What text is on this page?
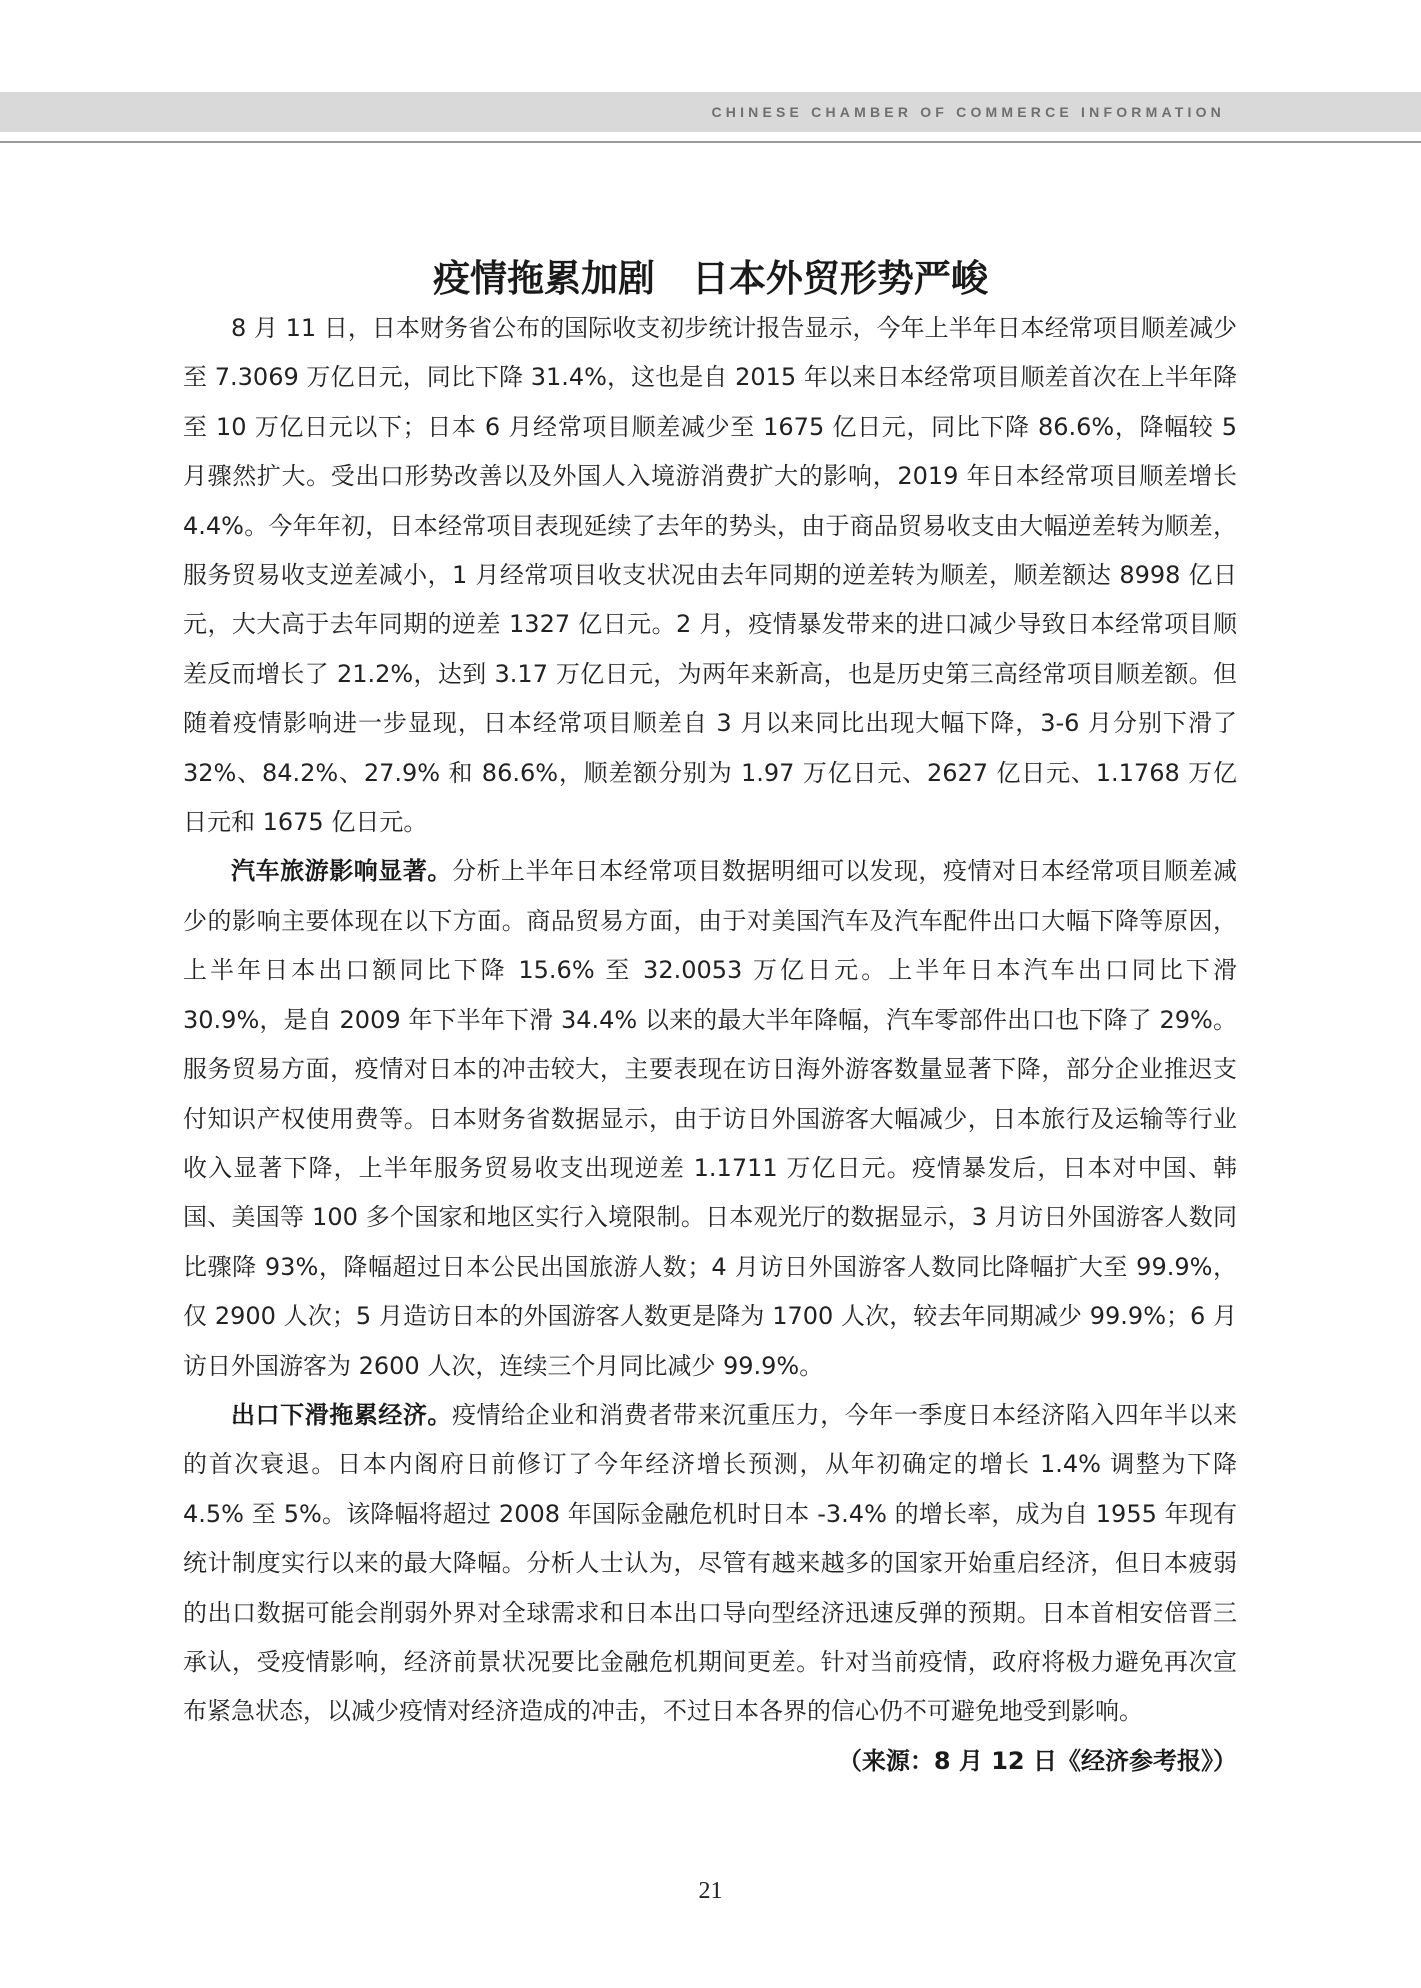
CHINESE CHAMBER OF COMMERCE INFORMATION
疫情拖累加剧 日本外贸形势严峻

8 月 11 日，日本财务省公布的国际收支初步统计报告显示，今年上半年日本经常项目顺差减少至 7.3069 万亿日元，同比下降 31.4%，这也是自 2015 年以来日本经常项目顺差首次在上半年降至 10 万亿日元以下；日本 6 月经常项目顺差减少至 1675 亿日元，同比下降 86.6%，降幅较 5 月骤然扩大。受出口形势改善以及外国人入境游消费扩大的影响，2019 年日本经常项目顺差增长 4.4%。今年年初，日本经常项目表现延续了去年的势头，由于商品贸易收支由大幅逆差转为顺差，服务贸易收支逆差减小，1 月经常项目收支状况由去年同期的逆差转为顺差，顺差额达 8998 亿日元，大大高于去年同期的逆差 1327 亿日元。2 月，疫情暴发带来的进口减少导致日本经常项目顺差反而增长了 21.2%，达到 3.17 万亿日元，为两年来新高，也是历史第三高经常项目顺差额。但随着疫情影响进一步显现，日本经常项目顺差自 3 月以来同比出现大幅下降，3-6 月分别下滑了 32%、84.2%、27.9% 和 86.6%，顺差额分别为 1.97 万亿日元、2627 亿日元、1.1768 万亿日元和 1675 亿日元。

汽车旅游影响显著。分析上半年日本经常项目数据明细可以发现，疫情对日本经常项目顺差减少的影响主要体现在以下方面。商品贸易方面，由于对美国汽车及汽车配件出口大幅下降等原因，上半年日本出口额同比下降 15.6% 至 32.0053 万亿日元。上半年日本汽车出口同比下滑 30.9%，是自 2009 年下半年下滑 34.4% 以来的最大半年降幅，汽车零部件出口也下降了 29%。服务贸易方面，疫情对日本的冲击较大，主要表现在访日海外游客数量显著下降，部分企业推迟支付知识产权使用费等。日本财务省数据显示，由于访日外国游客大幅减少，日本旅行及运输等行业收入显著下降，上半年服务贸易收支出现逆差 1.1711 万亿日元。疫情暴发后，日本对中国、韩国、美国等 100 多个国家和地区实行入境限制。日本观光厅的数据显示，3 月访日外国游客人数同比骤降 93%，降幅超过日本公民出国旅游人数；4 月访日外国游客人数同比降幅扩大至 99.9%，仅 2900 人次；5 月造访日本的外国游客人数更是降为 1700 人次，较去年同期减少 99.9%；6 月访日外国游客为 2600 人次，连续三个月同比减少 99.9%。

出口下滑拖累经济。疫情给企业和消费者带来沉重压力，今年一季度日本经济陷入四年半以来的首次衰退。日本内阁府日前修订了今年经济增长预测，从年初确定的增长 1.4% 调整为下降 4.5% 至 5%。该降幅将超过 2008 年国际金融危机时日本 -3.4% 的增长率，成为自 1955 年现有统计制度实行以来的最大降幅。分析人士认为，尽管有越来越多的国家开始重启经济，但日本疲弱的出口数据可能会削弱外界对全球需求和日本出口导向型经济迅速反弹的预期。日本首相安倍晋三承认，受疫情影响，经济前景状况要比金融危机期间更差。针对当前疫情，政府将极力避免再次宣布紧急状态，以减少疫情对经济造成的冲击，不过日本各界的信心仍不可避免地受到影响。
（来源：8 月 12 日《经济参考报》）

21
